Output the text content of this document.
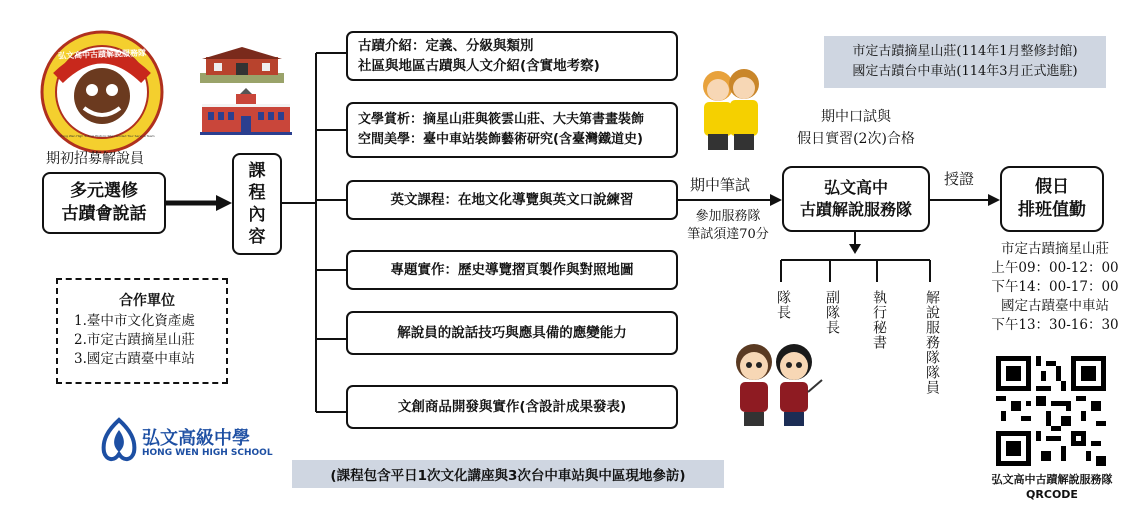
弘文高中古蹟解說服務隊
Hong Wen High School Historic Sites Guided Tour Service Team
期初招募解說員
多元選修
古蹟會說話
課
程
內
容
古蹟介紹：定義、分級與類別
社區與地區古蹟與人文介紹(含實地考察)
文學賞析：摘星山莊與筱雲山莊、大夫第書畫裝飾
空間美學：臺中車站裝飾藝術研究(含臺灣鐵道史)
英文課程：在地文化導覽與英文口說練習
專題實作：歷史導覽摺頁製作與對照地圖
解說員的說話技巧與應具備的應變能力
文創商品開發與實作(含設計成果發表)
合作單位
1.臺中市文化資產處
2.市定古蹟摘星山莊
3.國定古蹟臺中車站
弘文高級中學
HONG WEN HIGH SCHOOL
(課程包含平日1次文化講座與3次台中車站與中區現地參訪)
市定古蹟摘星山莊(114年1月整修封館)
國定古蹟台中車站(114年3月正式進駐)
期中口試與
假日實習(2次)合格
期中筆試
參加服務隊
筆試須達70分
弘文高中
古蹟解說服務隊
授證	假日
排班值勤
隊長 副隊長 執行秘書	解說服務隊隊員
市定古蹟摘星山莊
上午09：00-12：00
下午14：00-17：00
國定古蹟臺中車站
下午13：30-16：30
弘文高中古蹟解說服務隊
QRCODE
